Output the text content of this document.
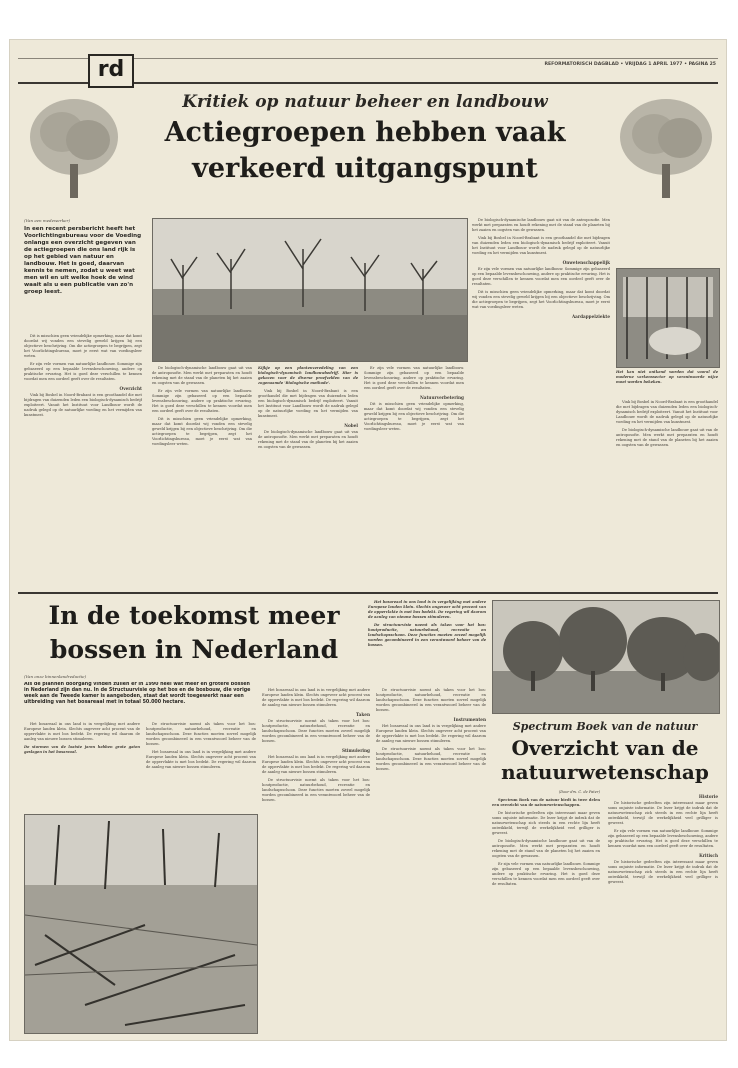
rd	REFORMATORISCH DAGBLAD • VRIJDAG 1 APRIL 1977 • PAGINA 25
Kritiek op natuur beheer en landbouw
Actiegroepen hebben vaak
verkeerd uitgangspunt
(Van een medewerker)
In een recent persbericht heeft het Voorlichtingsbureau voor de Voeding onlangs een overzicht gegeven van de actiegroepen die ons land rijk is op het gebied van natuur en landbouw. Het is goed, daarvan kennis te nemen, zodat u weet wat men wil en uit welke hoek de wind waait als u een publicatie van zo'n groep leest.
Het kan niet ontkend worden dat vooral de moderne varkenssector op verantwoorde wijze moet worden bekeken.

Dit is misschien geen vriendelijke opmerking, maar dat komt doordat wij vonden een stevelig geweld krijgen bij een objectieve beschrijving. Om die actiegroepen te begrijpen, zegt het Voorlichtingsbureau, moet je eerst wat van voedingsleer weten.

Er zijn vele vormen van natuurlijke landbouw. Sommige zijn gebaseerd op een bepaalde levensbeschouwing, andere op praktische ervaring. Het is goed deze verschillen te kennen voordat men een oordeel geeft over de resultaten.

Overzicht

Vink bij Bosbel in Noord-Brabant is een groothandel die met bijdragen van duizenden leden een biologisch-dynamisch bedrijf exploiteert. Vanuit het Instituut voor Landbouw wordt de nadruk gelegd op de natuurlijke voeding en het vermijden van kunstmest.

De biologisch-dynamische landbouw gaat uit van de antroposofie. Men werkt met preparaten en houdt rekening met de stand van de planeten bij het zaaien en oogsten van de gewassen.

Er zijn vele vormen van natuurlijke landbouw. Sommige zijn gebaseerd op een bepaalde levensbeschouwing, andere op praktische ervaring. Het is goed deze verschillen te kennen voordat men een oordeel geeft over de resultaten.

Dit is misschien geen vriendelijke opmerking, maar dat komt doordat wij vonden een stevelig geweld krijgen bij een objectieve beschrijving. Om die actiegroepen te begrijpen, zegt het Voorlichtingsbureau, moet je eerst wat van voedingsleer weten.

Kijkje op een plantenveredeling van een biologisch-dynamisch landbouwbedrijf. Hier is gekozen voor de diverse proefvelden van de zogenaamde 'Biologische methode'.

Vink bij Bosbel in Noord-Brabant is een groothandel die met bijdragen van duizenden leden een biologisch-dynamisch bedrijf exploiteert. Vanuit het Instituut voor Landbouw wordt de nadruk gelegd op de natuurlijke voeding en het vermijden van kunstmest.

Nobel

De biologisch-dynamische landbouw gaat uit van de antroposofie. Men werkt met preparaten en houdt rekening met de stand van de planeten bij het zaaien en oogsten van de gewassen.

Er zijn vele vormen van natuurlijke landbouw. Sommige zijn gebaseerd op een bepaalde levensbeschouwing, andere op praktische ervaring. Het is goed deze verschillen te kennen voordat men een oordeel geeft over de resultaten.

Natuurverbetering

Dit is misschien geen vriendelijke opmerking, maar dat komt doordat wij vonden een stevelig geweld krijgen bij een objectieve beschrijving. Om die actiegroepen te begrijpen, zegt het Voorlichtingsbureau, moet je eerst wat van voedingsleer weten.

De biologisch-dynamische landbouw gaat uit van de antroposofie. Men werkt met preparaten en houdt rekening met de stand van de planeten bij het zaaien en oogsten van de gewassen.

Vink bij Bosbel in Noord-Brabant is een groothandel die met bijdragen van duizenden leden een biologisch-dynamisch bedrijf exploiteert. Vanuit het Instituut voor Landbouw wordt de nadruk gelegd op de natuurlijke voeding en het vermijden van kunstmest.

Onwetenschappelijk

Er zijn vele vormen van natuurlijke landbouw. Sommige zijn gebaseerd op een bepaalde levensbeschouwing, andere op praktische ervaring. Het is goed deze verschillen te kennen voordat men een oordeel geeft over de resultaten.

Dit is misschien geen vriendelijke opmerking, maar dat komt doordat wij vonden een stevelig geweld krijgen bij een objectieve beschrijving. Om die actiegroepen te begrijpen, zegt het Voorlichtingsbureau, moet je eerst wat van voedingsleer weten.

Aardappelziekte

Vink bij Bosbel in Noord-Brabant is een groothandel die met bijdragen van duizenden leden een biologisch-dynamisch bedrijf exploiteert. Vanuit het Instituut voor Landbouw wordt de nadruk gelegd op de natuurlijke voeding en het vermijden van kunstmest.

De biologisch-dynamische landbouw gaat uit van de antroposofie. Men werkt met preparaten en houdt rekening met de stand van de planeten bij het zaaien en oogsten van de gewassen.

In de toekomst meer
bossen in Nederland
(Van onze binnenlandredactie)
Als de plannen doorgang vinden zullen er in 1990 heel wat meer en grotere bossen in Nederland zijn dan nu. In de Structuurvisie op het bos en de bosbouw, die vorige week aan de Tweede kamer is aangeboden, staat dat wordt toegewerkt naar een uitbreiding van het bosareaal met in totaal 50.000 hectare.

Het bosareaal in ons land is in vergelijking met andere Europese landen klein. Slechts ongeveer acht procent van de oppervlakte is met bos bedekt. De regering wil daarom de aanleg van nieuwe bossen stimuleren.

De structuurvisie noemt als taken voor het bos: houtproductie, natuurbehoud, recreatie en landschapsschoon. Deze functies moeten zoveel mogelijk worden gecombineerd in een verantwoord beheer van de bossen.

Het bosareaal in ons land is in vergelijking met andere Europese landen klein. Slechts ongeveer acht procent van de oppervlakte is met bos bedekt. De regering wil daarom de aanleg van nieuwe bossen stimuleren.

De stormen van de laatste jaren hebben grote gaten geslagen in het bosareaal.

De structuurvisie noemt als taken voor het bos: houtproductie, natuurbehoud, recreatie en landschapsschoon. Deze functies moeten zoveel mogelijk worden gecombineerd in een verantwoord beheer van de bossen.

Het bosareaal in ons land is in vergelijking met andere Europese landen klein. Slechts ongeveer acht procent van de oppervlakte is met bos bedekt. De regering wil daarom de aanleg van nieuwe bossen stimuleren.

Het bosareaal in ons land is in vergelijking met andere Europese landen klein. Slechts ongeveer acht procent van de oppervlakte is met bos bedekt. De regering wil daarom de aanleg van nieuwe bossen stimuleren.

Taken

De structuurvisie noemt als taken voor het bos: houtproductie, natuurbehoud, recreatie en landschapsschoon. Deze functies moeten zoveel mogelijk worden gecombineerd in een verantwoord beheer van de bossen.

Stimulering

Het bosareaal in ons land is in vergelijking met andere Europese landen klein. Slechts ongeveer acht procent van de oppervlakte is met bos bedekt. De regering wil daarom de aanleg van nieuwe bossen stimuleren.

De structuurvisie noemt als taken voor het bos: houtproductie, natuurbehoud, recreatie en landschapsschoon. Deze functies moeten zoveel mogelijk worden gecombineerd in een verantwoord beheer van de bossen.

De structuurvisie noemt als taken voor het bos: houtproductie, natuurbehoud, recreatie en landschapsschoon. Deze functies moeten zoveel mogelijk worden gecombineerd in een verantwoord beheer van de bossen.

Instrumenten

Het bosareaal in ons land is in vergelijking met andere Europese landen klein. Slechts ongeveer acht procent van de oppervlakte is met bos bedekt. De regering wil daarom de aanleg van nieuwe bossen stimuleren.

De structuurvisie noemt als taken voor het bos: houtproductie, natuurbehoud, recreatie en landschapsschoon. Deze functies moeten zoveel mogelijk worden gecombineerd in een verantwoord beheer van de bossen.

Spectrum Boek van de natuur
Overzicht van de
natuurwetenschap

(Door drs. C. de Pater)

Spectrum Boek van de natuur biedt in twee delen een overzicht van de natuurwetenschappen.

De historische gedeelten zijn interessant maar geven soms onjuiste informatie. De lezer krijgt de indruk dat de natuurwetenschap zich steeds in een rechte lijn heeft ontwikkeld, terwijl de werkelijkheid veel grilliger is geweest.

De biologisch-dynamische landbouw gaat uit van de antroposofie. Men werkt met preparaten en houdt rekening met de stand van de planeten bij het zaaien en oogsten van de gewassen.

Er zijn vele vormen van natuurlijke landbouw. Sommige zijn gebaseerd op een bepaalde levensbeschouwing, andere op praktische ervaring. Het is goed deze verschillen te kennen voordat men een oordeel geeft over de resultaten.

Historie

De historische gedeelten zijn interessant maar geven soms onjuiste informatie. De lezer krijgt de indruk dat de natuurwetenschap zich steeds in een rechte lijn heeft ontwikkeld, terwijl de werkelijkheid veel grilliger is geweest.

Er zijn vele vormen van natuurlijke landbouw. Sommige zijn gebaseerd op een bepaalde levensbeschouwing, andere op praktische ervaring. Het is goed deze verschillen te kennen voordat men een oordeel geeft over de resultaten.

Kritisch

De historische gedeelten zijn interessant maar geven soms onjuiste informatie. De lezer krijgt de indruk dat de natuurwetenschap zich steeds in een rechte lijn heeft ontwikkeld, terwijl de werkelijkheid veel grilliger is geweest.
